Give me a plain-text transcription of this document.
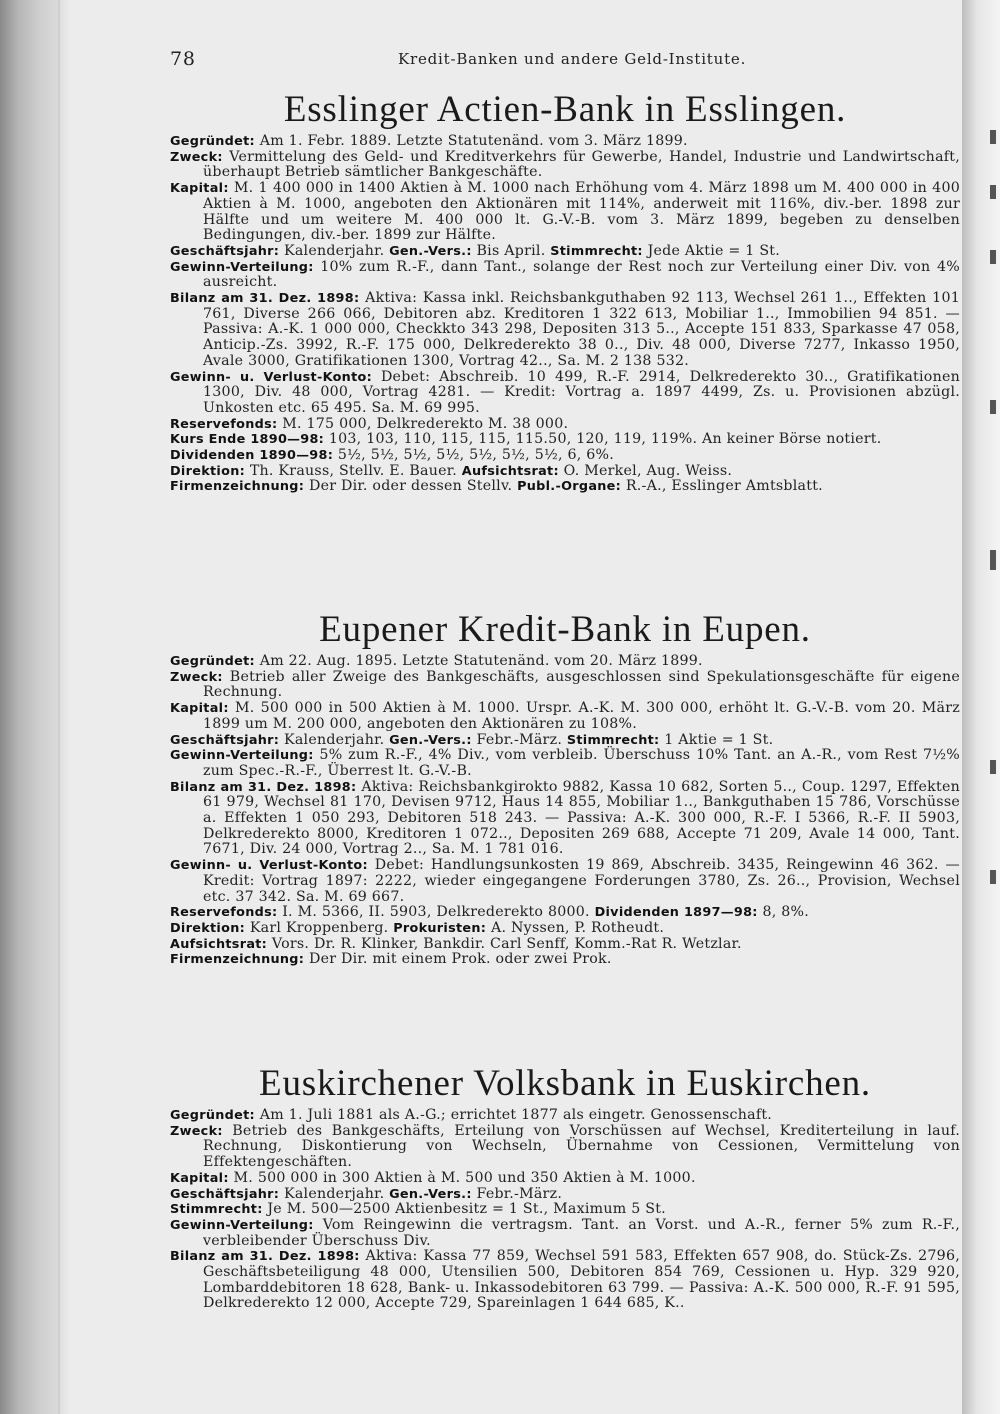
78	Kredit-Banken und andere Geld-Institute.
Esslinger Actien-Bank in Esslingen.
Gegründet: Am 1. Febr. 1889. Letzte Statutenänd. vom 3. März 1899.
Zweck: Vermittelung des Geld- und Kreditverkehrs für Gewerbe, Handel, Industrie und Landwirtschaft, überhaupt Betrieb sämtlicher Bankgeschäfte.
Kapital: M. 1 400 000 in 1400 Aktien à M. 1000 nach Erhöhung vom 4. März 1898 um M. 400 000 in 400 Aktien à M. 1000, angeboten den Aktionären mit 114%, anderweit mit 116%, div.-ber. 1898 zur Hälfte und um weitere M. 400 000 lt. G.-V.-B. vom 3. März 1899, begeben zu denselben Bedingungen, div.-ber. 1899 zur Hälfte.
Geschäftsjahr: Kalenderjahr. Gen.-Vers.: Bis April. Stimmrecht: Jede Aktie = 1 St.
Gewinn-Verteilung: 10% zum R.-F., dann Tant., solange der Rest noch zur Verteilung einer Div. von 4% ausreicht.
Bilanz am 31. Dez. 1898: Aktiva: Kassa inkl. Reichsbankguthaben 92 113, Wechsel 261 1.., Effekten 101 761, Diverse 266 066, Debitoren abz. Kreditoren 1 322 613, Mobiliar 1.., Immobilien 94 851. — Passiva: A.-K. 1 000 000, Checkkto 343 298, Depositen 313 5.., Accepte 151 833, Sparkasse 47 058, Anticip.-Zs. 3992, R.-F. 175 000, Delkrederekto 38 0.., Div. 48 000, Diverse 7277, Inkasso 1950, Avale 3000, Gratifikationen 1300, Vortrag 42.., Sa. M. 2 138 532.
Gewinn- u. Verlust-Konto: Debet: Abschreib. 10 499, R.-F. 2914, Delkrederekto 30.., Gratifikationen 1300, Div. 48 000, Vortrag 4281. — Kredit: Vortrag a. 1897 4499, Zs. u. Provisionen abzügl. Unkosten etc. 65 495. Sa. M. 69 995.
Reservefonds: M. 175 000, Delkrederekto M. 38 000.
Kurs Ende 1890—98: 103, 103, 110, 115, 115, 115.50, 120, 119, 119%. An keiner Börse notiert.
Dividenden 1890—98: 5½, 5½, 5½, 5½, 5½, 5½, 5½, 6, 6%.
Direktion: Th. Krauss, Stellv. E. Bauer. Aufsichtsrat: O. Merkel, Aug. Weiss.
Firmenzeichnung: Der Dir. oder dessen Stellv. Publ.-Organe: R.-A., Esslinger Amtsblatt.
Eupener Kredit-Bank in Eupen.
Gegründet: Am 22. Aug. 1895. Letzte Statutenänd. vom 20. März 1899.
Zweck: Betrieb aller Zweige des Bankgeschäfts, ausgeschlossen sind Spekulationsgeschäfte für eigene Rechnung.
Kapital: M. 500 000 in 500 Aktien à M. 1000. Urspr. A.-K. M. 300 000, erhöht lt. G.-V.-B. vom 20. März 1899 um M. 200 000, angeboten den Aktionären zu 108%.
Geschäftsjahr: Kalenderjahr. Gen.-Vers.: Febr.-März. Stimmrecht: 1 Aktie = 1 St.
Gewinn-Verteilung: 5% zum R.-F., 4% Div., vom verbleib. Überschuss 10% Tant. an A.-R., vom Rest 7½% zum Spec.-R.-F., Überrest lt. G.-V.-B.
Bilanz am 31. Dez. 1898: Aktiva: Reichsbankgirokto 9882, Kassa 10 682, Sorten 5.., Coup. 1297, Effekten 61 979, Wechsel 81 170, Devisen 9712, Haus 14 855, Mobiliar 1.., Bankguthaben 15 786, Vorschüsse a. Effekten 1 050 293, Debitoren 518 243. — Passiva: A.-K. 300 000, R.-F. I 5366, R.-F. II 5903, Delkrederekto 8000, Kreditoren 1 072.., Depositen 269 688, Accepte 71 209, Avale 14 000, Tant. 7671, Div. 24 000, Vortrag 2.., Sa. M. 1 781 016.
Gewinn- u. Verlust-Konto: Debet: Handlungsunkosten 19 869, Abschreib. 3435, Reingewinn 46 362. — Kredit: Vortrag 1897: 2222, wieder eingegangene Forderungen 3780, Zs. 26.., Provision, Wechsel etc. 37 342. Sa. M. 69 667.
Reservefonds: I. M. 5366, II. 5903, Delkrederekto 8000. Dividenden 1897—98: 8, 8%.
Direktion: Karl Kroppenberg. Prokuristen: A. Nyssen, P. Rotheudt.
Aufsichtsrat: Vors. Dr. R. Klinker, Bankdir. Carl Senff, Komm.-Rat R. Wetzlar.
Firmenzeichnung: Der Dir. mit einem Prok. oder zwei Prok.
Euskirchener Volksbank in Euskirchen.
Gegründet: Am 1. Juli 1881 als A.-G.; errichtet 1877 als eingetr. Genossenschaft.
Zweck: Betrieb des Bankgeschäfts, Erteilung von Vorschüssen auf Wechsel, Krediterteilung in lauf. Rechnung, Diskontierung von Wechseln, Übernahme von Cessionen, Vermittelung von Effektengeschäften.
Kapital: M. 500 000 in 300 Aktien à M. 500 und 350 Aktien à M. 1000.
Geschäftsjahr: Kalenderjahr. Gen.-Vers.: Febr.-März.
Stimmrecht: Je M. 500—2500 Aktienbesitz = 1 St., Maximum 5 St.
Gewinn-Verteilung: Vom Reingewinn die vertragsm. Tant. an Vorst. und A.-R., ferner 5% zum R.-F., verbleibender Überschuss Div.
Bilanz am 31. Dez. 1898: Aktiva: Kassa 77 859, Wechsel 591 583, Effekten 657 908, do. Stück-Zs. 2796, Geschäftsbeteiligung 48 000, Utensilien 500, Debitoren 854 769, Cessionen u. Hyp. 329 920, Lombarddebitoren 18 628, Bank- u. Inkassodebitoren 63 799. — Passiva: A.-K. 500 000, R.-F. 91 595, Delkrederekto 12 000, Accepte 729, Spareinlagen 1 644 685, K..
